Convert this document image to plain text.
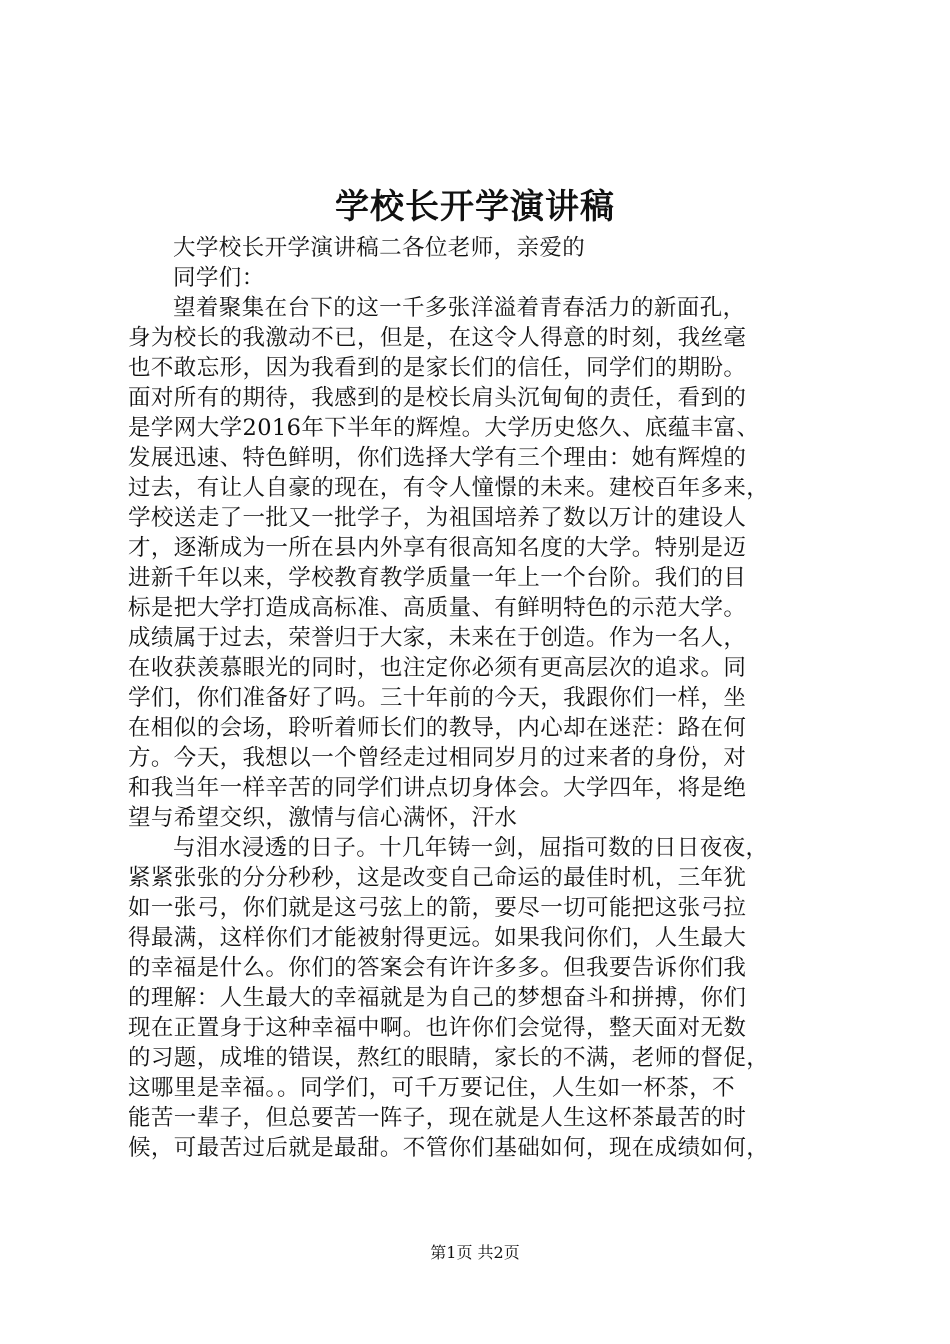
学校长开学演讲稿
大学校长开学演讲稿二各位老师，亲爱的
同学们：
望着聚集在台下的这一千多张洋溢着青春活力的新面孔，
身为校长的我激动不已，但是，在这令人得意的时刻，我丝毫
也不敢忘形，因为我看到的是家长们的信任，同学们的期盼。
面对所有的期待，我感到的是校长肩头沉甸甸的责任，看到的
是学网大学2016年下半年的辉煌。大学历史悠久、底蕴丰富、
发展迅速、特色鲜明，你们选择大学有三个理由：她有辉煌的
过去，有让人自豪的现在，有令人憧憬的未来。建校百年多来，
学校送走了一批又一批学子，为祖国培养了数以万计的建设人
才，逐渐成为一所在县内外享有很高知名度的大学。特别是迈
进新千年以来，学校教育教学质量一年上一个台阶。我们的目
标是把大学打造成高标准、高质量、有鲜明特色的示范大学。
成绩属于过去，荣誉归于大家，未来在于创造。作为一名人，
在收获羡慕眼光的同时，也注定你必须有更高层次的追求。同
学们，你们准备好了吗。三十年前的今天，我跟你们一样，坐
在相似的会场，聆听着师长们的教导，内心却在迷茫：路在何
方。今天，我想以一个曾经走过相同岁月的过来者的身份，对
和我当年一样辛苦的同学们讲点切身体会。大学四年，将是绝
望与希望交织，激情与信心满怀，汗水
与泪水浸透的日子。十几年铸一剑，屈指可数的日日夜夜，
紧紧张张的分分秒秒，这是改变自己命运的最佳时机，三年犹
如一张弓，你们就是这弓弦上的箭，要尽一切可能把这张弓拉
得最满，这样你们才能被射得更远。如果我问你们，人生最大
的幸福是什么。你们的答案会有许许多多。但我要告诉你们我
的理解：人生最大的幸福就是为自己的梦想奋斗和拼搏，你们
现在正置身于这种幸福中啊。也许你们会觉得，整天面对无数
的习题，成堆的错误，熬红的眼睛，家长的不满，老师的督促，
这哪里是幸福。。同学们，可千万要记住，人生如一杯茶，不
能苦一辈子，但总要苦一阵子，现在就是人生这杯茶最苦的时
候，可最苦过后就是最甜。不管你们基础如何，现在成绩如何，
第1页 共2页
